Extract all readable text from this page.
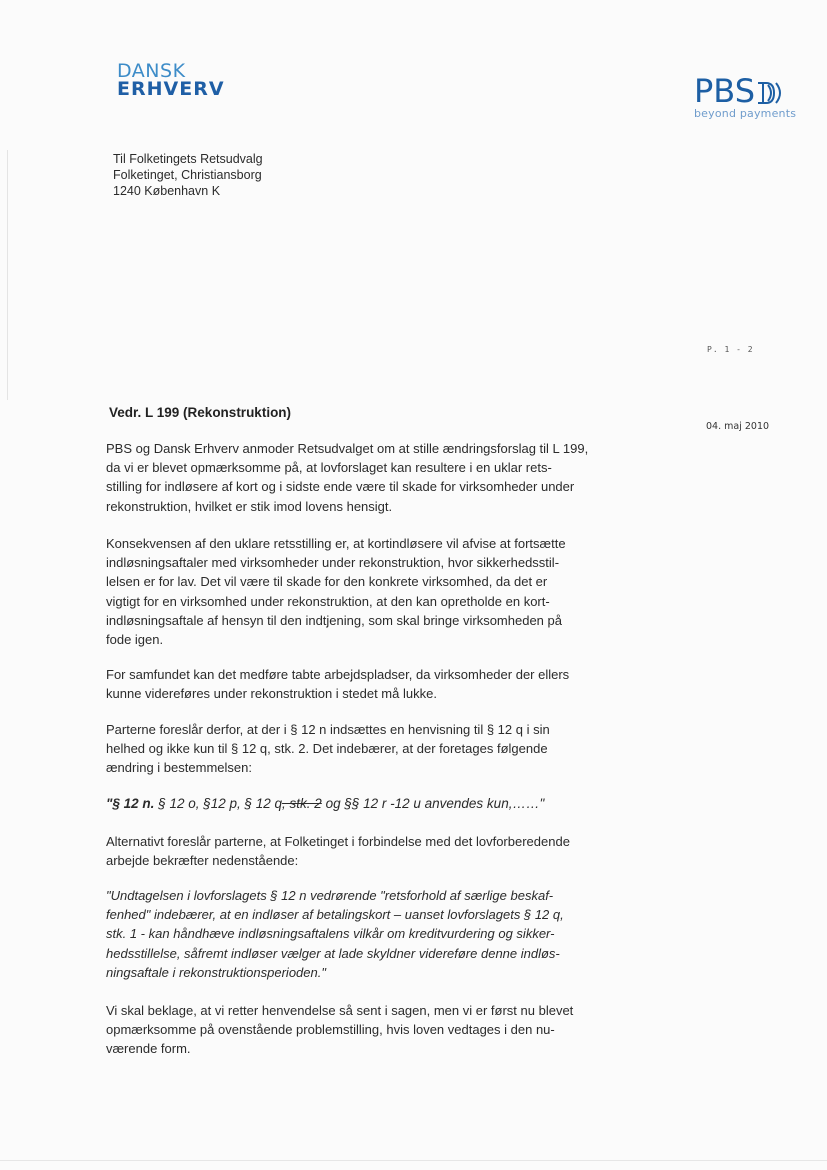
DANSK
ERHVERV	PBS
beyond payments
Til Folketingets Retsudvalg
Folketinget, Christiansborg
1240 København K
P. 1 - 2
04. maj 2010
Vedr. L 199 (Rekonstruktion)
PBS og Dansk Erhverv anmoder Retsudvalget om at stille ændringsforslag til L 199,
da vi er blevet opmærksomme på, at lovforslaget kan resultere i en uklar rets-
stilling for indløsere af kort og i sidste ende være til skade for virksomheder under
rekonstruktion, hvilket er stik imod lovens hensigt.
Konsekvensen af den uklare retsstilling er, at kortindløsere vil afvise at fortsætte
indløsningsaftaler med virksomheder under rekonstruktion, hvor sikkerhedsstil-
lelsen er for lav. Det vil være til skade for den konkrete virksomhed, da det er
vigtigt for en virksomhed under rekonstruktion, at den kan opretholde en kort-
indløsningsaftale af hensyn til den indtjening, som skal bringe virksomheden på
fode igen.
For samfundet kan det medføre tabte arbejdspladser, da virksomheder der ellers
kunne videreføres under rekonstruktion i stedet må lukke.
Parterne foreslår derfor, at der i § 12 n indsættes en henvisning til § 12 q i sin
helhed og ikke kun til § 12 q, stk. 2. Det indebærer, at der foretages følgende
ændring i bestemmelsen:
"§ 12 n. § 12 o, §12 p, § 12 q, stk. 2 og §§ 12 r -12 u anvendes kun,……"
Alternativt foreslår parterne, at Folketinget i forbindelse med det lovforberedende
arbejde bekræfter nedenstående:
"Undtagelsen i lovforslagets § 12 n vedrørende "retsforhold af særlige beskaf-
fenhed" indebærer, at en indløser af betalingskort – uanset lovforslagets § 12 q,
stk. 1 - kan håndhæve indløsningsaftalens vilkår om kreditvurdering og sikker-
hedsstillelse, såfremt indløser vælger at lade skyldner videreføre denne indløs-
ningsaftale i rekonstruktionsperioden."
Vi skal beklage, at vi retter henvendelse så sent i sagen, men vi er først nu blevet
opmærksomme på ovenstående problemstilling, hvis loven vedtages i den nu-
værende form.
